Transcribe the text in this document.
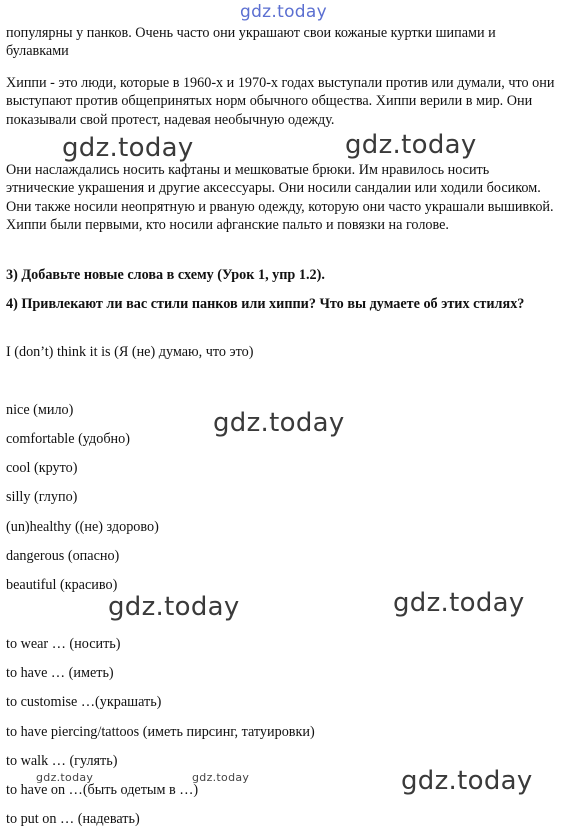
gdz.today

популярны у панков. Очень часто они украшают свои кожаные куртки шипами и булавками

Хиппи - это люди, которые в 1960-х и 1970-х годах выступали против или думали, что они выступают против общепринятых норм обычного общества. Хиппи верили в мир. Они показывали свой протест, надевая необычную одежду.

Они наслаждались носить кафтаны и мешковатые брюки. Им нравилось носить этнические украшения и другие аксессуары. Они носили сандалии или ходили босиком. Они также носили неопрятную и рваную одежду, которую они часто украшали вышивкой. Хиппи были первыми, кто носили афганские пальто и повязки на голове.

gdz.today	gdz.today

3) Добавьте новые слова в схему (Урок 1, упр 1.2).

4) Привлекают ли вас стили панков или хиппи? Что вы думаете об этих стилях?

I (don’t) think it is (Я (не) думаю, что это)

nice (мило)

comfortable (удобно)

cool (круто)

silly (глупо)

(un)healthy ((не) здорово)

dangerous (опасно)

beautiful (красиво)

gdz.today
gdz.today	gdz.today

to wear … (носить)

to have … (иметь)

to customise …(украшать)

to have piercing/tattoos (иметь пирсинг, татуировки)

to walk … (гулять)

to have on …(быть одетым в …)

to put on … (надевать)

gdz.today	gdz.today	gdz.today
